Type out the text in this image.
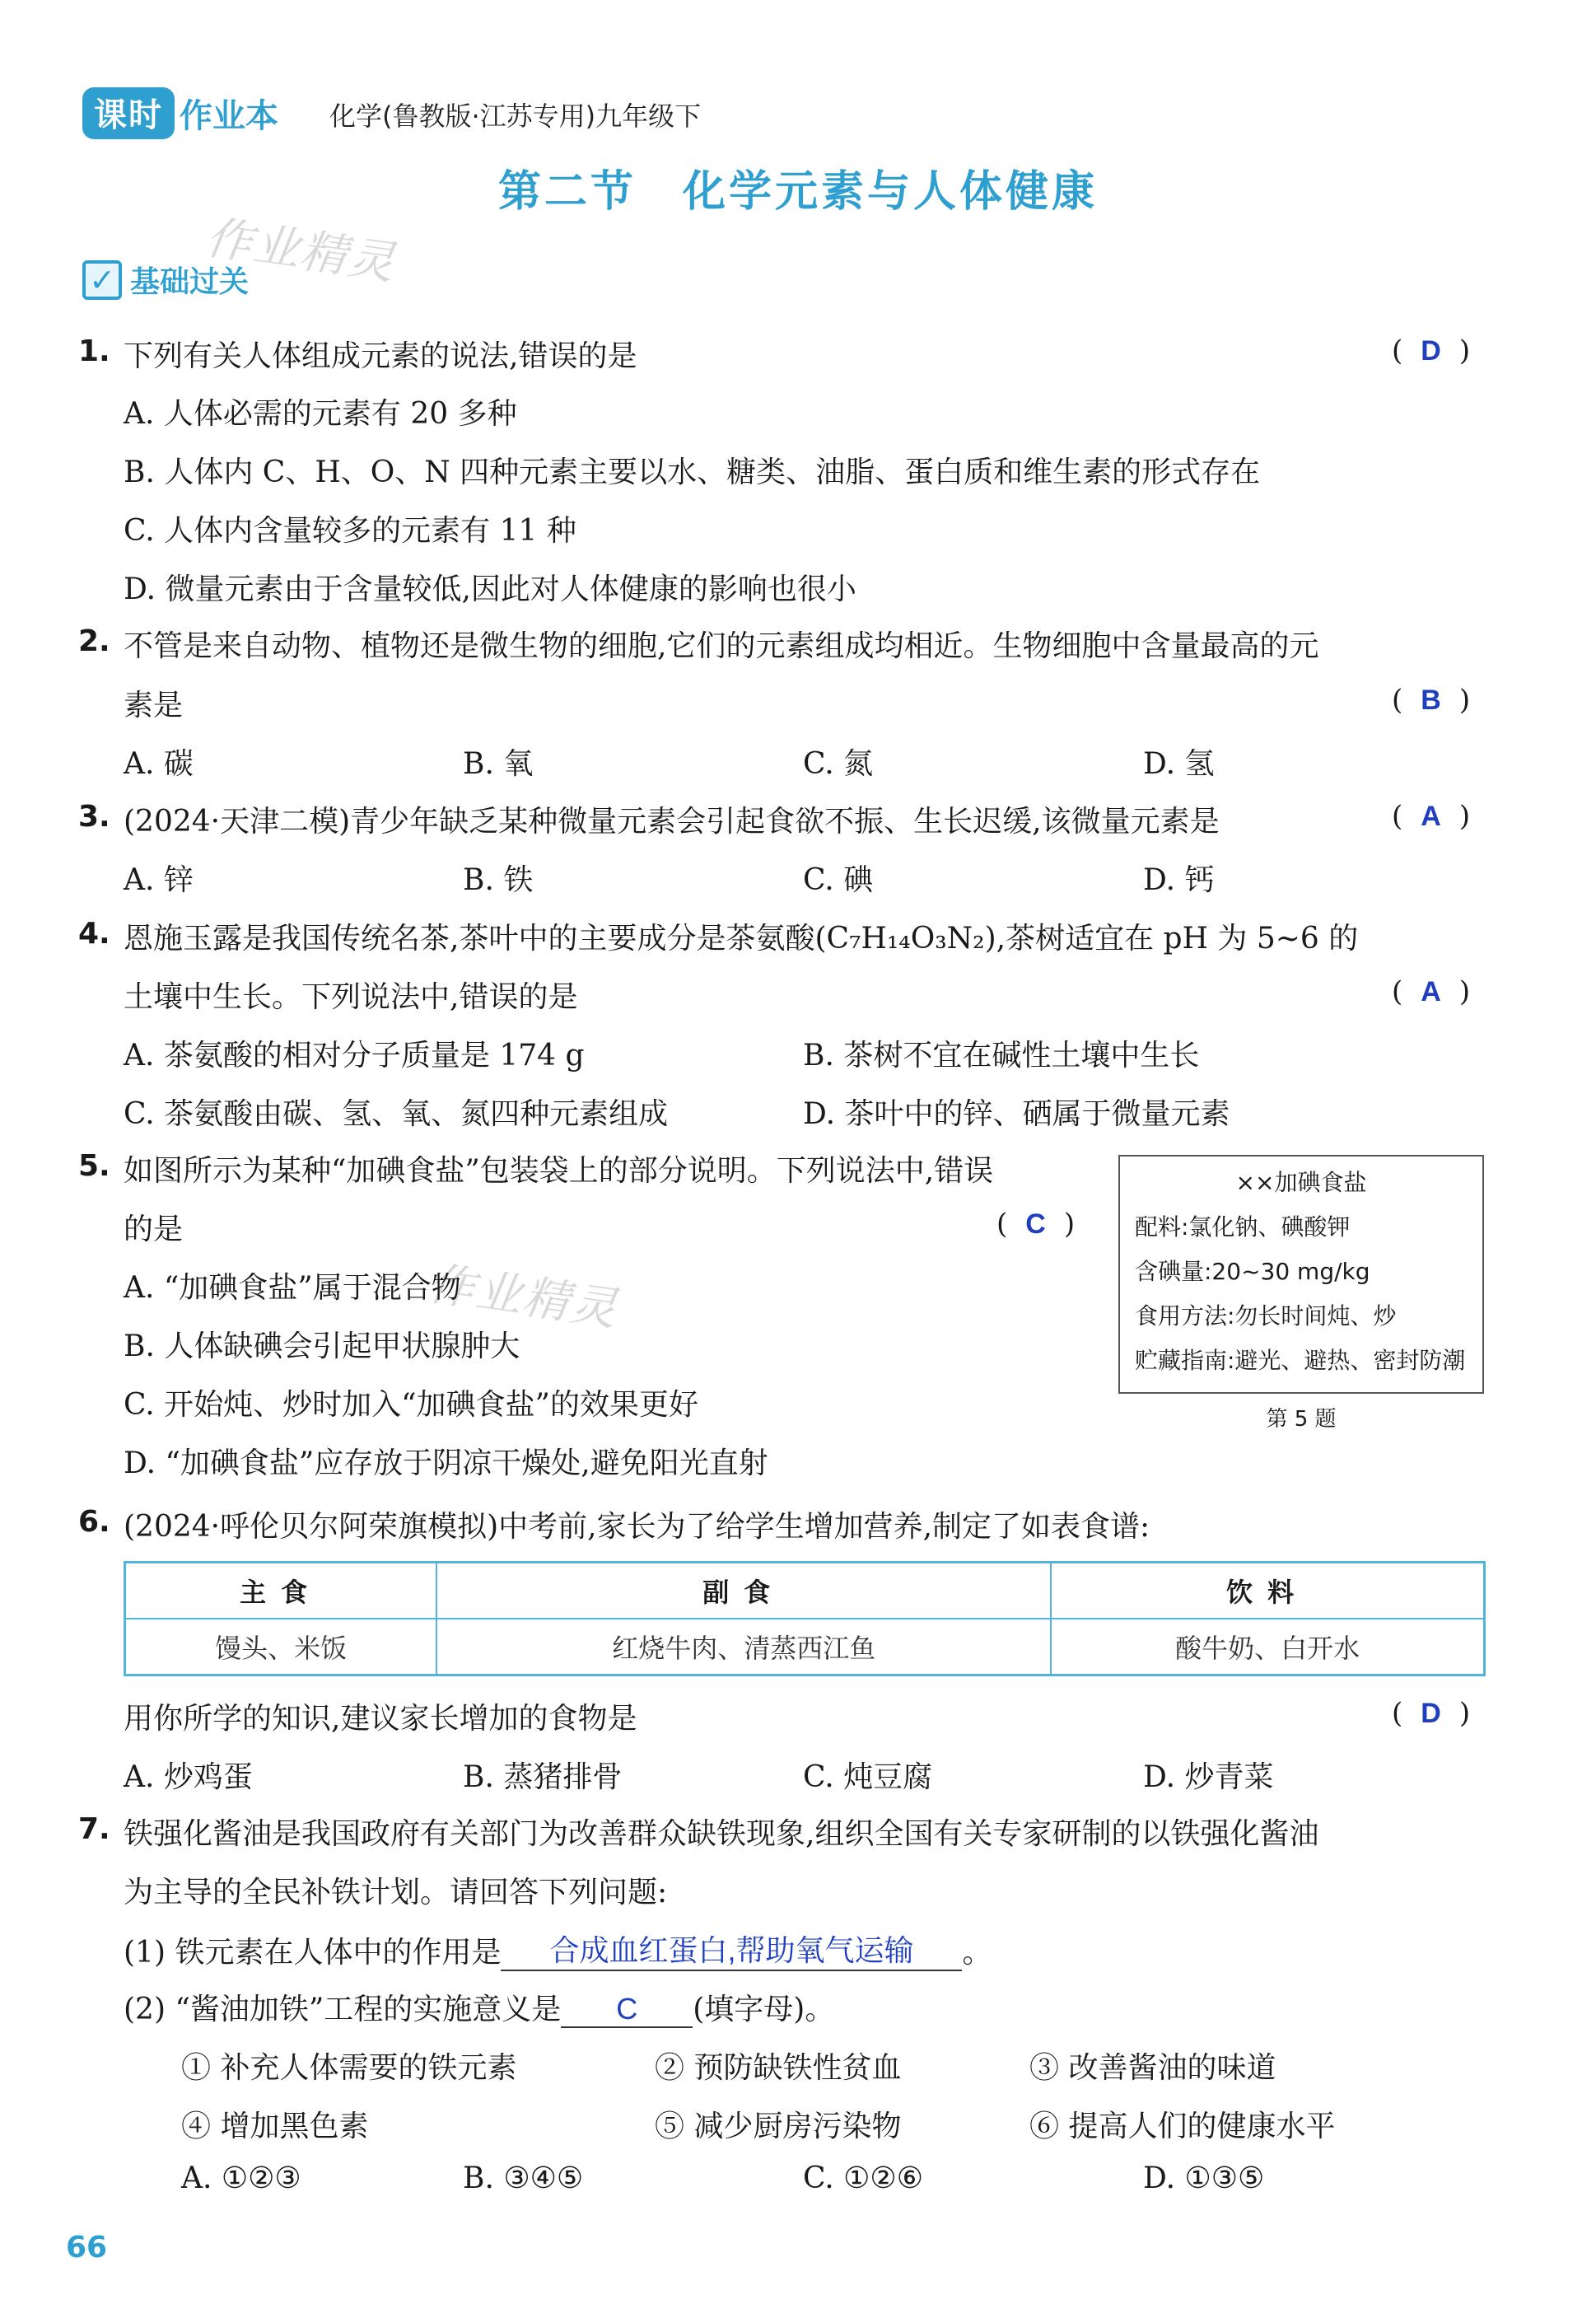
课时 作业本 化学(鲁教版·江苏专用)九年级下
第二节　化学元素与人体健康
作业精灵
作业精灵
✓ 基础过关
1. 下列有关人体组成元素的说法,错误的是	( D )
A. 人体必需的元素有 20 多种
B. 人体内 C、H、O、N 四种元素主要以水、糖类、油脂、蛋白质和维生素的形式存在
C. 人体内含量较多的元素有 11 种
D. 微量元素由于含量较低,因此对人体健康的影响也很小
2. 不管是来自动物、植物还是微生物的细胞,它们的元素组成均相近。生物细胞中含量最高的元
素是	( B )
A. 碳	B. 氧	C. 氮	D. 氢
3. (2024·天津二模)青少年缺乏某种微量元素会引起食欲不振、生长迟缓,该微量元素是	( A )
A. 锌	B. 铁	C. 碘	D. 钙
4. 恩施玉露是我国传统名茶,茶叶中的主要成分是茶氨酸(C₇H₁₄O₃N₂),茶树适宜在 pH 为 5~6 的
土壤中生长。下列说法中,错误的是	( A )
A. 茶氨酸的相对分子质量是 174 g	B. 茶树不宜在碱性土壤中生长
C. 茶氨酸由碳、氢、氧、氮四种元素组成	D. 茶叶中的锌、硒属于微量元素
5. 如图所示为某种“加碘食盐”包装袋上的部分说明。下列说法中,错误
的是	( C )
A. “加碘食盐”属于混合物
B. 人体缺碘会引起甲状腺肿大
C. 开始炖、炒时加入“加碘食盐”的效果更好
D. “加碘食盐”应存放于阴凉干燥处,避免阳光直射
××加碘食盐
配料:氯化钠、碘酸钾
含碘量:20~30 mg/kg
食用方法:勿长时间炖、炒
贮藏指南:避光、避热、密封防潮
第 5 题
6. (2024·呼伦贝尔阿荣旗模拟)中考前,家长为了给学生增加营养,制定了如表食谱:
主食	副食	饮料
馒头、米饭	红烧牛肉、清蒸西江鱼	酸牛奶、白开水
用你所学的知识,建议家长增加的食物是	( D )
A. 炒鸡蛋	B. 蒸猪排骨	C. 炖豆腐	D. 炒青菜
7. 铁强化酱油是我国政府有关部门为改善群众缺铁现象,组织全国有关专家研制的以铁强化酱油
为主导的全民补铁计划。请回答下列问题:
(1) 铁元素在人体中的作用是 合成血红蛋白,帮助氧气运输 。
(2) “酱油加铁”工程的实施意义是 C (填字母)。
① 补充人体需要的铁元素	② 预防缺铁性贫血	③ 改善酱油的味道
④ 增加黑色素	⑤ 减少厨房污染物	⑥ 提高人们的健康水平
A. ①②③	B. ③④⑤	C. ①②⑥	D. ①③⑤
66
